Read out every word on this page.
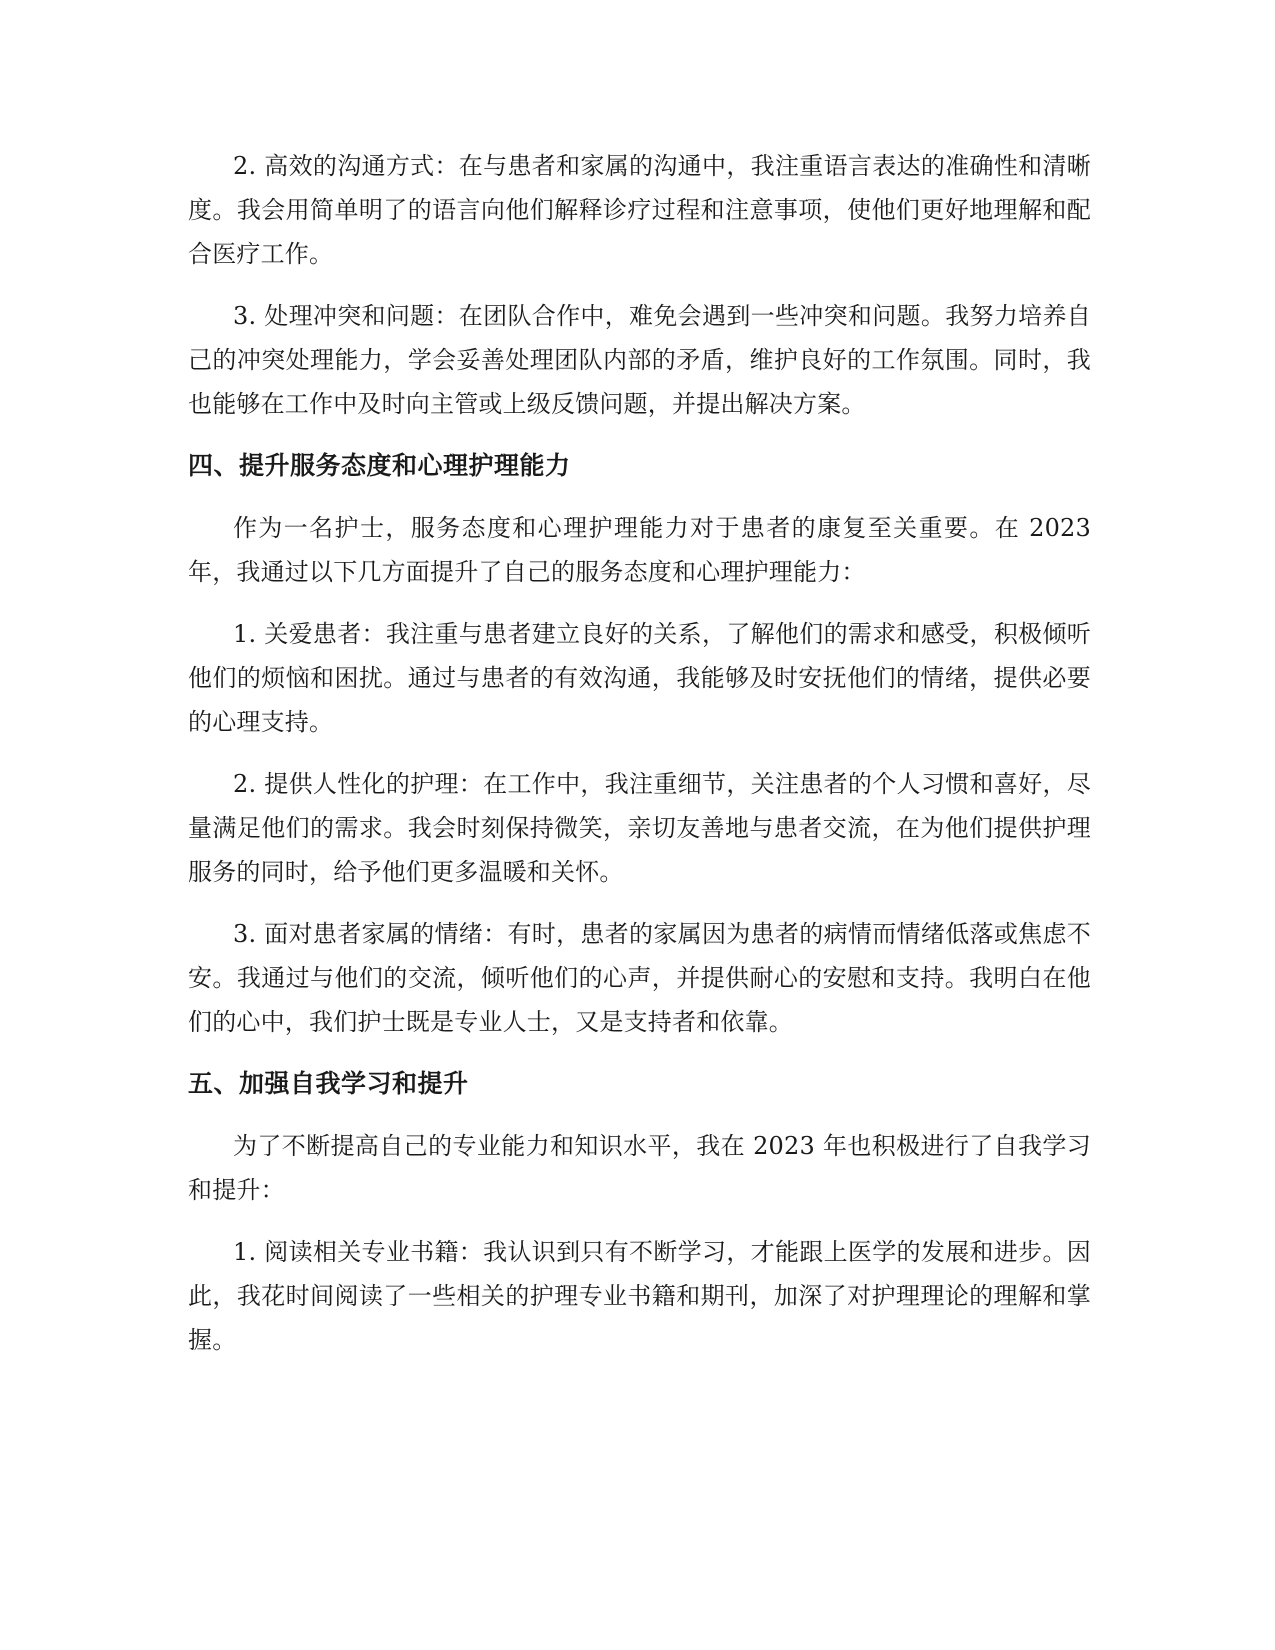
2. 高效的沟通方式：在与患者和家属的沟通中，我注重语言表达的准确性和清晰度。我会用简单明了的语言向他们解释诊疗过程和注意事项，使他们更好地理解和配合医疗工作。

3. 处理冲突和问题：在团队合作中，难免会遇到一些冲突和问题。我努力培养自己的冲突处理能力，学会妥善处理团队内部的矛盾，维护良好的工作氛围。同时，我也能够在工作中及时向主管或上级反馈问题，并提出解决方案。

四、提升服务态度和心理护理能力

作为一名护士，服务态度和心理护理能力对于患者的康复至关重要。在 2023 年，我通过以下几方面提升了自己的服务态度和心理护理能力：

1. 关爱患者：我注重与患者建立良好的关系，了解他们的需求和感受，积极倾听他们的烦恼和困扰。通过与患者的有效沟通，我能够及时安抚他们的情绪，提供必要的心理支持。

2. 提供人性化的护理：在工作中，我注重细节，关注患者的个人习惯和喜好，尽量满足他们的需求。我会时刻保持微笑，亲切友善地与患者交流，在为他们提供护理服务的同时，给予他们更多温暖和关怀。

3. 面对患者家属的情绪：有时，患者的家属因为患者的病情而情绪低落或焦虑不安。我通过与他们的交流，倾听他们的心声，并提供耐心的安慰和支持。我明白在他们的心中，我们护士既是专业人士，又是支持者和依靠。

五、加强自我学习和提升

为了不断提高自己的专业能力和知识水平，我在 2023 年也积极进行了自我学习和提升：

1. 阅读相关专业书籍：我认识到只有不断学习，才能跟上医学的发展和进步。因此，我花时间阅读了一些相关的护理专业书籍和期刊，加深了对护理理论的理解和掌握。
